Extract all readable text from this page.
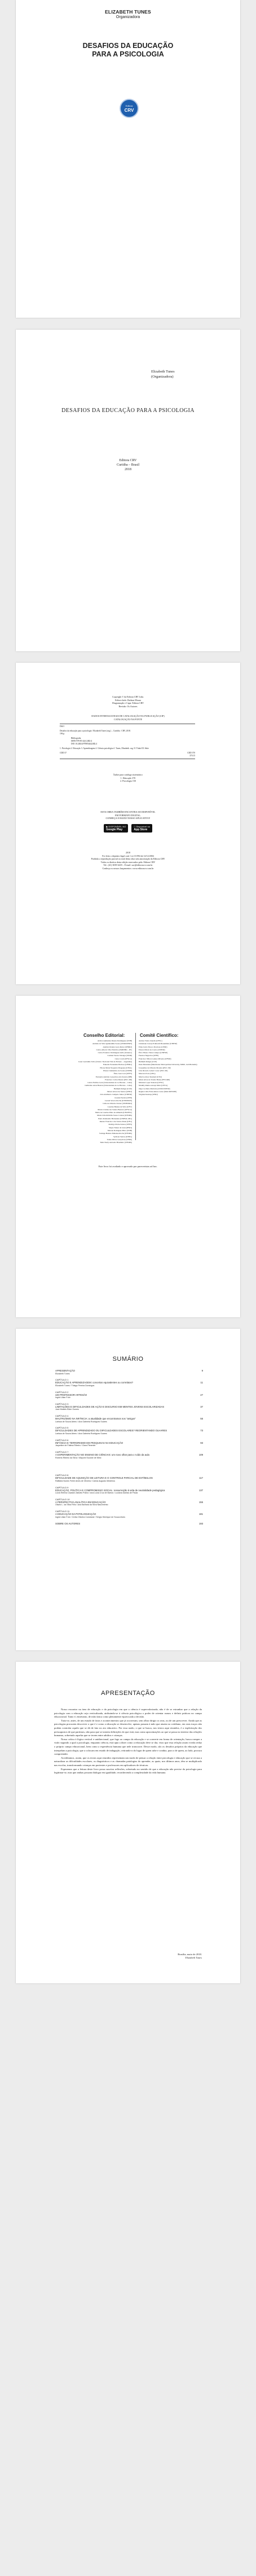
ELIZABETH TUNES
Organizadora
DESAFIOS DA EDUCAÇÃO
PARA A PSICOLOGIA
Editora
CRV
Elizabeth Tunes
(Organizadora)
DESAFIOS DA EDUCAÇÃO PARA A PSICOLOGIA
Editora CRV
Curitiba – Brasil
2018
Copyright © da Editora CRV Ltda.
Editor-chefe: Railson Moura
Diagramação e Capa: Editora CRV
Revisão: Os Autores
DADOS INTERNACIONAIS DE CATALOGAÇÃO-NA-PUBLICAÇÃO (CIP)
CATALOGAÇÃO NA FONTE
D441
Desafios da educação para a psicologia / Elizabeth Tunes (org.) – Curitiba : CRV, 2018.
196 p.
Bibliografia
ISBN 978-85-444-2482-4
DOI 10.24824/978854442482.4
1. Psicologia 2. Educação 3. Aprendizagem 4. Ciência psicológica I. Tunes, Elizabeth. org. II. Título III. Série
CDD 37	CDD 370
370.15
Índice para catálogo sistemático
1. Educação 370
2. Psicologia 150
ESTA OBRA TAMBÉM ENCONTRA-SE DISPONÍVEL
EM FORMATO DIGITAL.
CONHEÇA E BAIXE NOSSO APLICATIVO!
▶ DISPONÍVEL NO
Google Play
Disponível na
App Store
2018
Foi feito o depósito legal conf. Lei 10.994 de 14/12/2004
Proibida a reprodução parcial ou total desta obra sem autorização da Editora CRV
Todos os direitos desta edição reservados pela: Editora CRV
Tel.: (41) 3039-6418 – E-mail: sac@editoracrv.com.br
Conheça os nossos lançamentos: www.editoracrv.com.br
Conselho Editorial:	Comitê Científico:
Aldira Guimarães Duarte Domínguez (UNB)
Andréia da Silva Quintanilha Sousa (UNIR/UFRN)
Antônio Pereira Gaio Júnior (UFRRJ)
Carlos Alberto Vilar Estêvão (UMINHO – PT)
Carlos Federico Dominguez Avila (Unieuro)
Carmen Tereza Velanga (UNIR)
Celso Conti (UFSCar)
Cesar Gerónimo Tello (Univer .Nacional Três de Febrero – Argentina)
Eduardo Fernandes Barbosa (UFMG)
Elione Maria Nogueira Diogenes (UFAL)
Elizeu Clementino de Souza (UNEB)
Élsio José Corá (UFFS)
Fernando Antônio Gonçalves Alcoforado (IPB)
Francisco Carlos Duarte (PUC-PR)
Gloria Fariñas León (Universidade de La Havana – Cuba)
Guillermo Arias Beatón (Universidade de La Havana – Cuba)
Helmuth Krüger (UCP)
Jailson Alves dos Santos (UFRJ)
João Adalberto Campato Junior (UNESP)
Josania Portela (UFPI)
Leonel Severo Rocha (UNISINOS)
Lídia de Oliveira Xavier (UNIEURO)
Lourdes Helena da Silva (UFV)
Maria Cristina dos Santos Bezerra (UFSCar)
Maria de Lourdes Pinto de Almeida (UNOESC)
Maria Lília Imbiriba Sousa Colares (UFOPA)
Paulo Romualdo Hernandes (UNIFAL-MG)
Renato Francisco dos Santos Paula (UFG)
Rodrigo Pratte-Santos (UFES)
Sérgio Nunes de Jesus (IFRO)
Simone Rodrigues Pinto (UNB)
Solange Helena Ximenes-Rocha (UFOPA)
Sydione Santos (UEPG)
Tadeu Oliver Gonçalves (UFPA)
Tania Suely Azevedo Brasileiro (UFOPA)
Andrea Vieira Zanella (UFSC)
Christiane Carrijo Eckhardt Mouammar (UNESP)
Edna Lúcia Tinoco Ponciano (UERJ)
Edson Olivari de Castro (UNESP)
Érico Bruno Viana Campos (UNESP)
Fauston Negreiros (UFPI)
Francisco Nilton Gomes Oliveira (UFSM)
Helmuth Krüger (UCP)
Ilana Mountian (Manchester Metropolitan University, MMU, Grã-Bretanha)
Jacqueline de Oliveira Moreira (PUC-SP)
João Ricardo Lebert Cozac (PUC-SP)
Marcelo Porto (UEG)
Marcia Alves Tassinari (USU)
Maria Alves de Toledo Bruns (FFCLRP)
Mariana Lopez Teixeira (UFSC)
Monilly Ramos Araujo Melo (UFCG)
Olga Ceciliato Mattioli (ASSIS/UNESP)
Regina Célia Faria Amaro Giora (MACKENZIE)
Virgínia Kastrup (UFRJ)
Este livro foi avaliado e aprovado por pareceristas ad hoc.
SUMÁRIO
APRESENTAÇÃO	9
Elizabeth Tunes
CAPÍTULO 1
EDUCAÇÃO E APRENDIZAGEM: conceitos equivalentes ou correlatos?	11
Elizabeth Tunes / Thiago Pereira Domingos
CAPÍTULO 2
UM PROFESSOR ARTESÃO	27
Ingrid Lilian Fuhr
CAPÍTULO 3
LIMITAÇÕES E DIFICULDADES DE AÇÃO E DISCURSO EM MENTES JOVENS ESCOLARIZADAS	37
José Moisés Elder Gomes
CAPÍTULO 4
MALTRUÍSMO NA INFÂNCIA: a atualidade que encontramos nos “amigos”	55
Larissa de Souza Abreu / Ana Gabriela Rodrigues Soares
CAPÍTULO 5
DIFICULDADES DE APRENDIZADO OU DIFICULDADES ESCOLARES? REORIENTANDO OLHARES	73
Larissa de Souza Abreu / Ana Gabriela Rodrigues Soares
CAPÍTULO 6
INFÂNCIA E TERRORISMO EM PESQUISAS NA EDUCAÇÃO	93
Jaqueline de Fátima Ribeiro / Clara Pimentel
CAPÍTULO 7
A EXPERIMENTAÇÃO NO ENSINO DE CIÊNCIAS: um novo olhar para o ruído da aula	109
Roberto Ribeiro da Silva / Mayumi Suzane de Melo
CAPÍTULO 8
DIFICULDADE DE AQUISIÇÃO DE LEITURA E O CONTROLE PARCIAL DE ESTÍMULOS	117
Raffaela Nunes Freire Alves de Oliveira / Carlos Augusto Medeiros
CAPÍTULO 9
EDUCAÇÃO, POLÍTICA E COMPROMISSO SOCIAL: ressurreição à vida de neutralidade pedagógica	137
Lúcia Helena Cavasin Zabotto Pulino / Ana Lúcia Cruz de Barros / Luciana Dantas de Paula
CAPÍTULO 10
A PERSPECTIVA ANALÍTICA EM EDUCAÇÃO	155
Otávio L. da Silva Filho / Ana Barbara da Silva Nascimento
CAPÍTULO 11
A EDUCAÇÃO DA PATOLOGIZAÇÃO	181
Ingrid Lilian Fuhr / Cíntia Oliveira Constanzi / Sérgio Henrique de Souza Alves
SOBRE OS AUTORES	193
APRESENTAÇÃO

Nosso encontro na área de educação e da psicologia em que a ciência é supervalorizada, não é de se estranhar que a relação da psicologia com a educação seja verticalizada, atribuindo-se à ciência psicológica o poder de orientar rumos e definir práticas no campo educacional. Tanto é, entretanto, de mão única como plenamente equivocada a decisão.

Trata-se, antes, de um estudo de fatos e acontecimentos que já ocorreram, sem olhar dirigir os seus, ou de um prescrever. Ainda que as psicologias procurem descrever o que é e como a educação se desenvolve, apenas passam à mão que atuem no cotidiano, em seus traços não podem controlar aquilo que se dá de fato no ato educativo. Por essa razão, o que se busca, nos textos aqui reunidos, é a explicitação dos pressupostos de que partimos, não para que se tornem definições do que está, mas como aproximações ao que se passa no interior das relações humanas, sobretudo aquelas que se tecem entre adultos e crianças.

Nossa crítica à lógica vertical e unidirecional, que foge ao campo da educação e se converte em forma de orientação, busca romper a visão segundo a qual a psicologia, enquanto ciência, está apta a dizer como a educação deve se dar, visto que essa relação assim vivida reduz o próprio campo educacional, bem como a experiência humana que nele transcorre. Desse modo, são os desafios próprios da educação que interpelam a psicologia, que a colocam em estado de indagação, retirando-a do lugar de quem sabe e conduz, para o de quem, ao lado, procura compreender.

Acreditamos, assim, que os textos aqui reunidos representam um modo de pensar a relação entre psicologia e educação que se recusa a naturalizar as dificuldades escolares, os diagnósticos e as chamadas patologias do aprender, as quais, nos últimos anos, têm se multiplicado nas escolas, transformando crianças em pacientes e professores em aplicadores de técnicas.

Esperamos que a leitura deste livro possa suscitar reflexões, sobretudo no sentido de que a educação não precise da psicologia para legitimar-se, mas que ambas possam dialogar em igualdade, reconhecendo a complexidade da vida humana.

Brasília, maio de 2018.
Elizabeth Tunes
